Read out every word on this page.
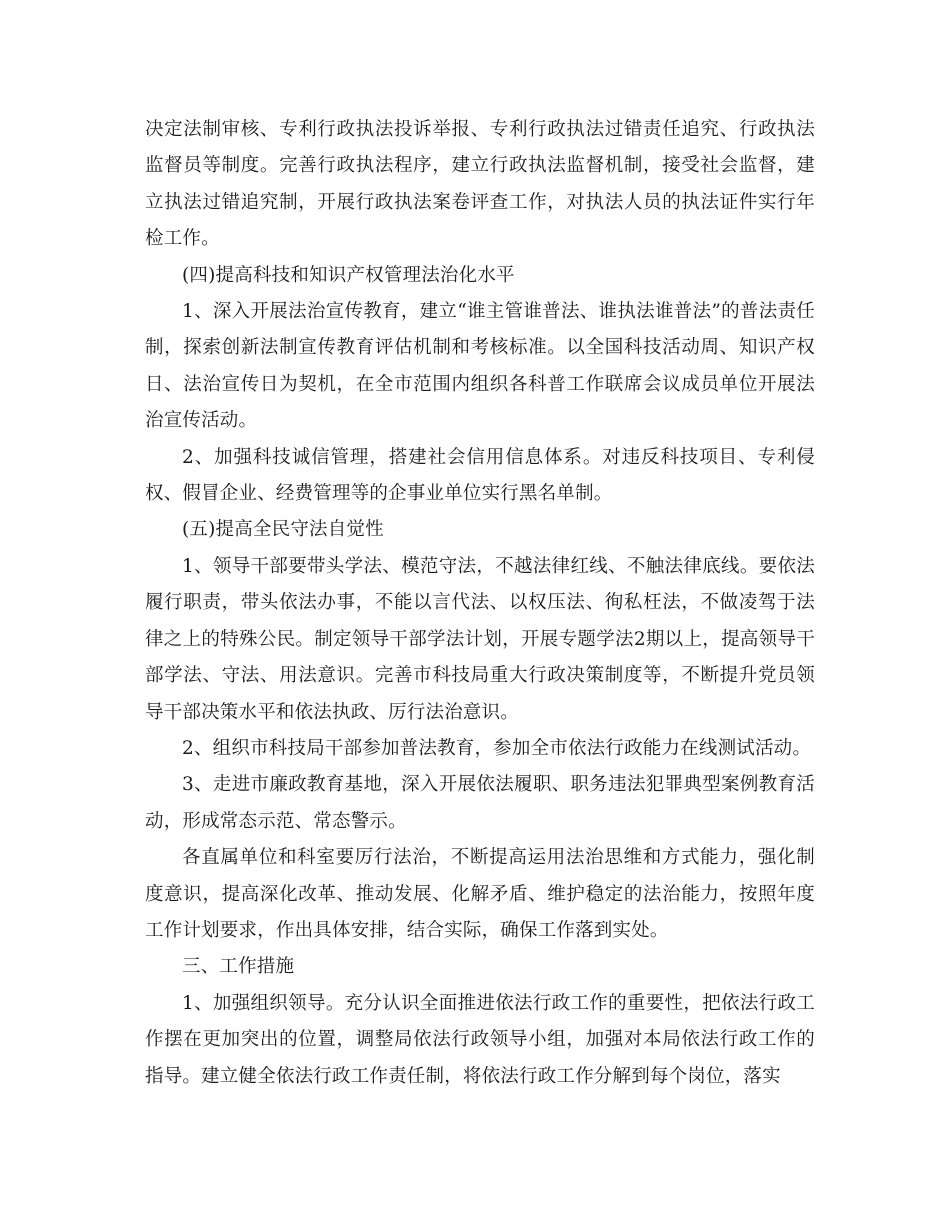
决定法制审核、专利行政执法投诉举报、专利行政执法过错责任追究、行政执法监督员等制度。完善行政执法程序，建立行政执法监督机制，接受社会监督，建立执法过错追究制，开展行政执法案卷评查工作，对执法人员的执法证件实行年检工作。

(四)提高科技和知识产权管理法治化水平

1、深入开展法治宣传教育，建立“谁主管谁普法、谁执法谁普法”的普法责任制，探索创新法制宣传教育评估机制和考核标准。以全国科技活动周、知识产权日、法治宣传日为契机，在全市范围内组织各科普工作联席会议成员单位开展法治宣传活动。

2、加强科技诚信管理，搭建社会信用信息体系。对违反科技项目、专利侵权、假冒企业、经费管理等的企事业单位实行黑名单制。

(五)提高全民守法自觉性

1、领导干部要带头学法、模范守法，不越法律红线、不触法律底线。要依法履行职责，带头依法办事，不能以言代法、以权压法、徇私枉法，不做凌驾于法律之上的特殊公民。制定领导干部学法计划，开展专题学法2期以上，提高领导干部学法、守法、用法意识。完善市科技局重大行政决策制度等，不断提升党员领导干部决策水平和依法执政、厉行法治意识。

2、组织市科技局干部参加普法教育，参加全市依法行政能力在线测试活动。

3、走进市廉政教育基地，深入开展依法履职、职务违法犯罪典型案例教育活动，形成常态示范、常态警示。

各直属单位和科室要厉行法治，不断提高运用法治思维和方式能力，强化制度意识，提高深化改革、推动发展、化解矛盾、维护稳定的法治能力，按照年度工作计划要求，作出具体安排，结合实际，确保工作落到实处。

三、工作措施

1、加强组织领导。充分认识全面推进依法行政工作的重要性，把依法行政工作摆在更加突出的位置，调整局依法行政领导小组，加强对本局依法行政工作的指导。建立健全依法行政工作责任制，将依法行政工作分解到每个岗位，落实
